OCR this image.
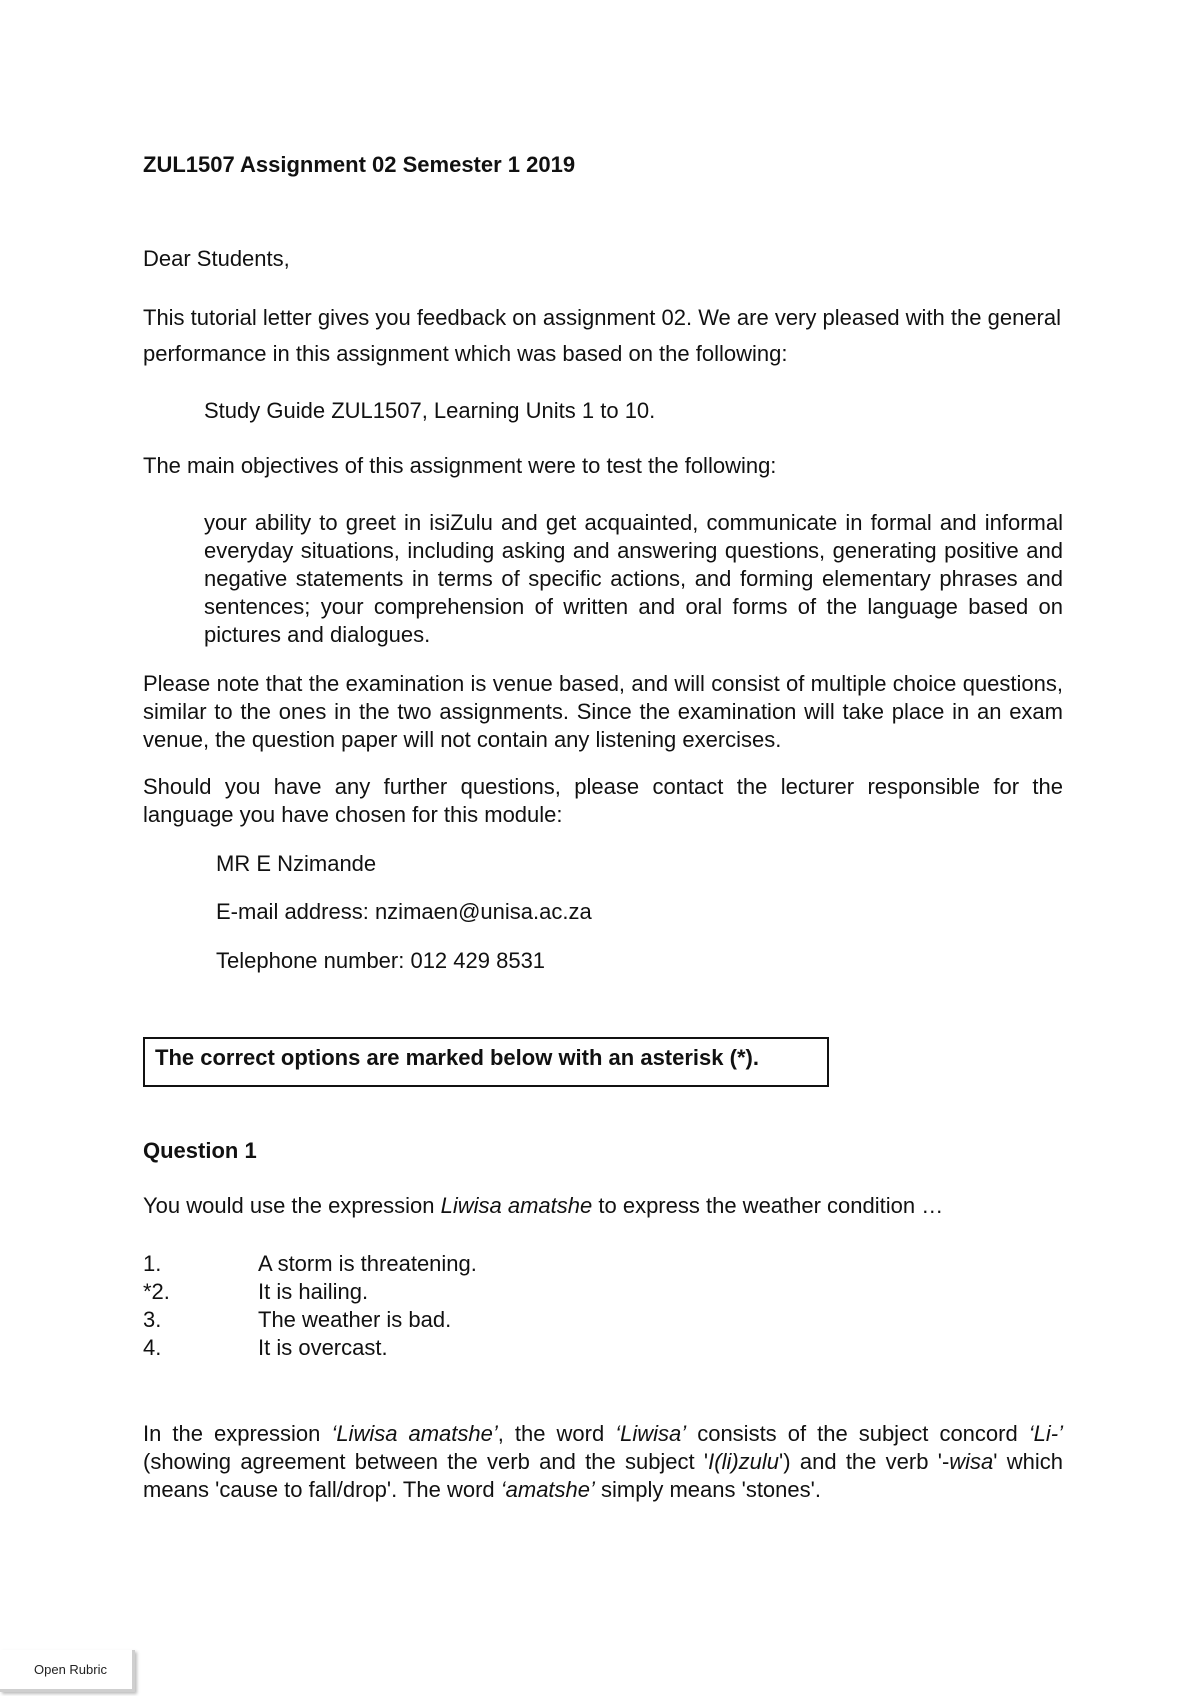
ZUL1507 Assignment 02 Semester 1 2019
Dear Students,
This tutorial letter gives you feedback on assignment 02. We are very pleased with the general performance in this assignment which was based on the following:
Study Guide ZUL1507, Learning Units 1 to 10.
The main objectives of this assignment were to test the following:
your ability to greet in isiZulu and get acquainted, communicate in formal and informal everyday situations, including asking and answering questions, generating positive and negative statements in terms of specific actions, and forming elementary phrases and sentences; your comprehension of written and oral forms of the language based on pictures and dialogues.
Please note that the examination is venue based, and will consist of multiple choice questions, similar to the ones in the two assignments. Since the examination will take place in an exam venue, the question paper will not contain any listening exercises.
Should you have any further questions, please contact the lecturer responsible for the language you have chosen for this module:
MR E Nzimande
E-mail address: nzimaen@unisa.ac.za
Telephone number: 012 429 8531
The correct options are marked below with an asterisk (*).
Question 1
You would use the expression Liwisa amatshe to express the weather condition …
1.	A storm is threatening.
*2.	It is hailing.
3.	The weather is bad.
4.	It is overcast.
In the expression ‘Liwisa amatshe’, the word ‘Liwisa’ consists of the subject concord ‘Li-’ (showing agreement between the verb and the subject 'I(li)zulu') and the verb '-wisa' which means 'cause to fall/drop'. The word ‘amatshe’ simply means 'stones'.
Open Rubric
